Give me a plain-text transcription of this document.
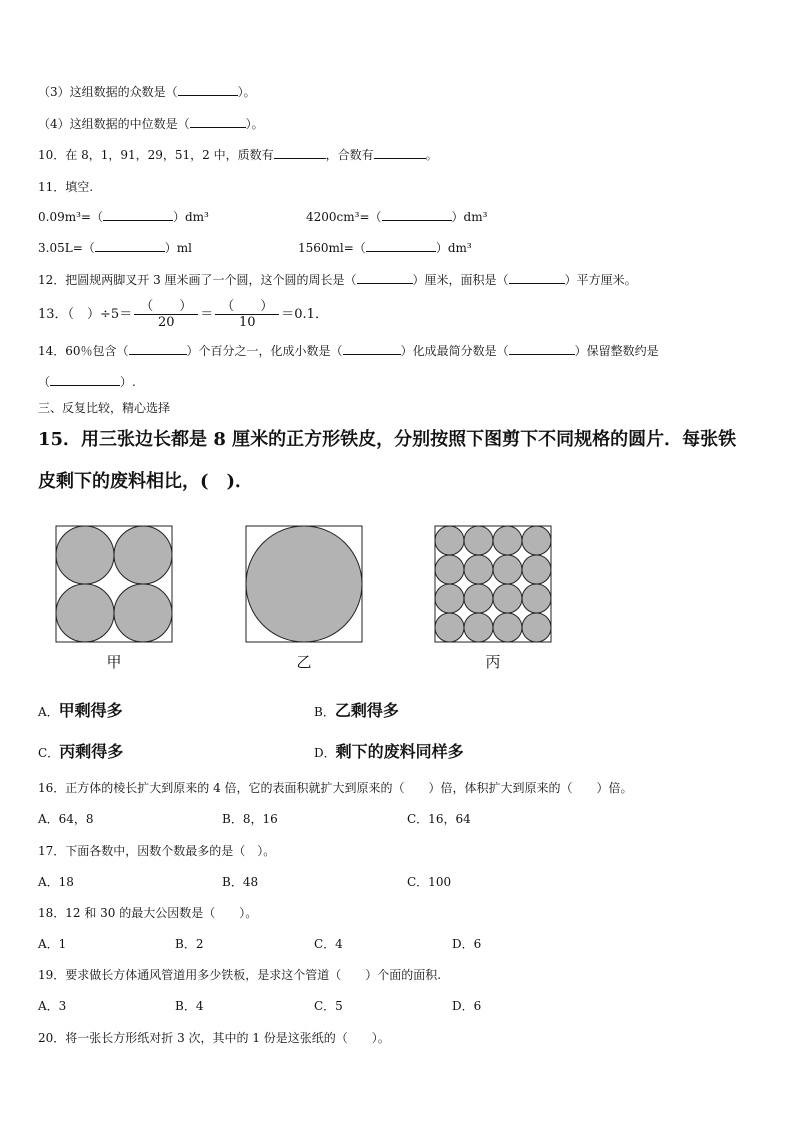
（3）这组数据的众数是（	）。
（4）这组数据的中位数是（	）。
10．在 8，1，91，29，51，2 中，质数有	，合数有	。
11．填空.
0.09m³=（	）dm³	4200cm³=（	）dm³
3.05L=（	）ml	1560ml=（	）dm³
12．把圆规两脚叉开 3 厘米画了一个圆，这个圆的周长是（	）厘米，面积是（	）平方厘米。
13．（　）$\div 5= \frac{( )}{20} = \frac{( )}{10} =0.1$．
14．60％包含（	）个百分之一，化成小数是（	）化成最简分数是（	）保留整数约是
（	）.
三、反复比较，精心选择
15．用三张边长都是 8 厘米的正方形铁皮，分别按照下图剪下不同规格的圆片．每张铁
皮剩下的废料相比，(　)．
甲	乙	丙
A．甲剩得多	B．乙剩得多
C．丙剩得多	D．剩下的废料同样多
16．正方体的棱长扩大到原来的 4 倍，它的表面积就扩大到原来的（　　）倍，体积扩大到原来的（　　）倍。
A．64，8	B．8，16	C．16，64
17．下面各数中，因数个数最多的是（　）。
A．18	B．48	C．100
18．12 和 30 的最大公因数是（　　）。
A．1	B．2	C．4	D．6
19．要求做长方体通风管道用多少铁板，是求这个管道（　　）个面的面积.
A．3	B．4	C．5	D．6
20．将一张长方形纸对折 3 次，其中的 1 份是这张纸的（　　）。
